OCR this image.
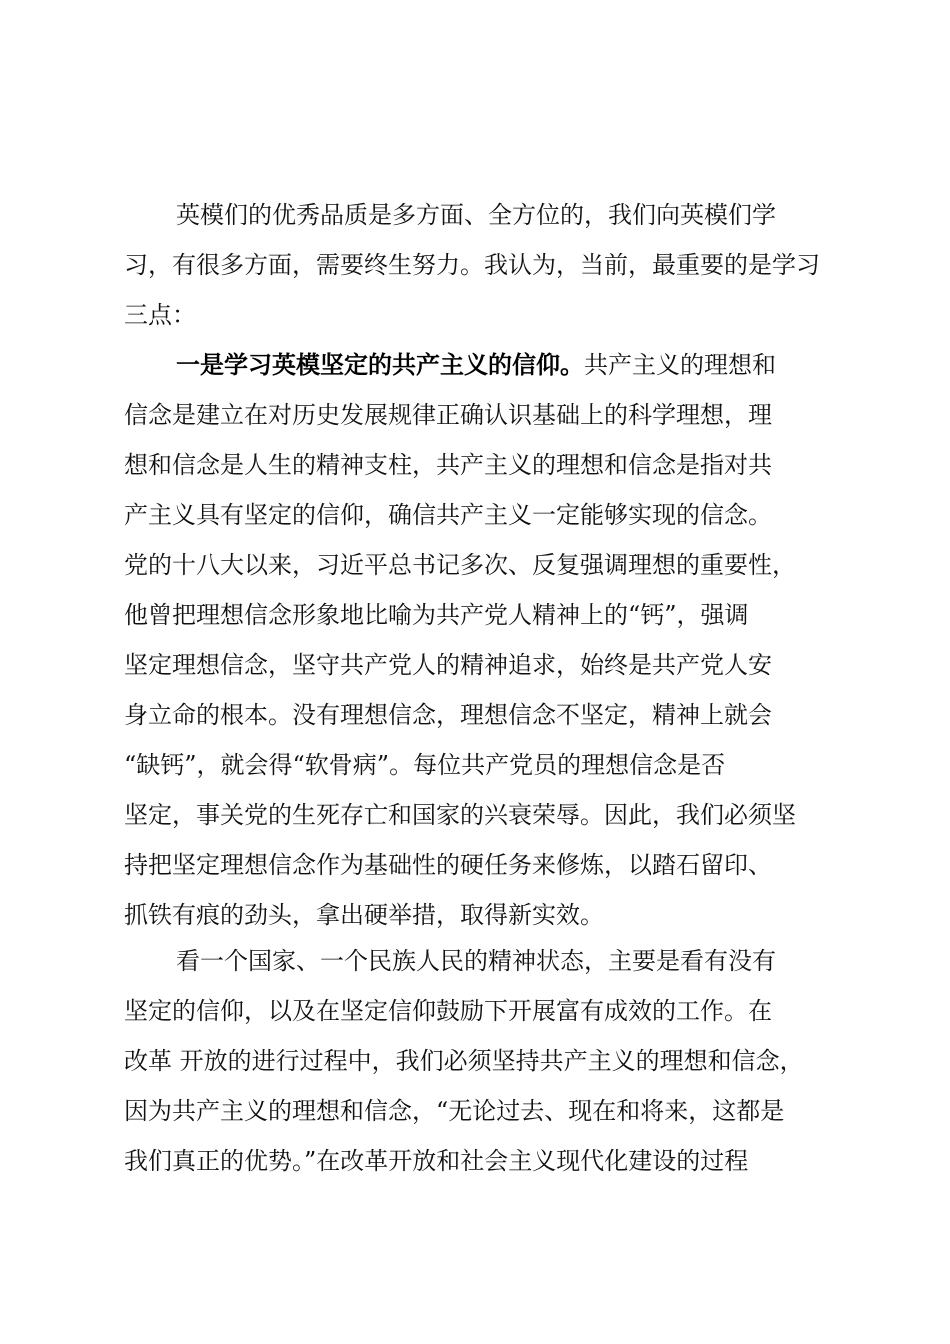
英模们的优秀品质是多方面、全方位的，我们向英模们学
习，有很多方面，需要终生努力。我认为，当前，最重要的是学习
三点：
一是学习英模坚定的共产主义的信仰。共产主义的理想和
信念是建立在对历史发展规律正确认识基础上的科学理想，理
想和信念是人生的精神支柱，共产主义的理想和信念是指对共
产主义具有坚定的信仰，确信共产主义一定能够实现的信念。
党的十八大以来，习近平总书记多次、反复强调理想的重要性，
他曾把理想信念形象地比喻为共产党人精神上的“钙”，强调
坚定理想信念，坚守共产党人的精神追求，始终是共产党人安
身立命的根本。没有理想信念，理想信念不坚定，精神上就会
“缺钙”，就会得“软骨病”。每位共产党员的理想信念是否
坚定，事关党的生死存亡和国家的兴衰荣辱。因此，我们必须坚
持把坚定理想信念作为基础性的硬任务来修炼，以踏石留印、
抓铁有痕的劲头，拿出硬举措，取得新实效。
看一个国家、一个民族人民的精神状态，主要是看有没有
坚定的信仰，以及在坚定信仰鼓励下开展富有成效的工作。在
改革 开放的进行过程中，我们必须坚持共产主义的理想和信念，
因为共产主义的理想和信念，“无论过去、现在和将来，这都是
我们真正的优势。”在改革开放和社会主义现代化建设的过程
